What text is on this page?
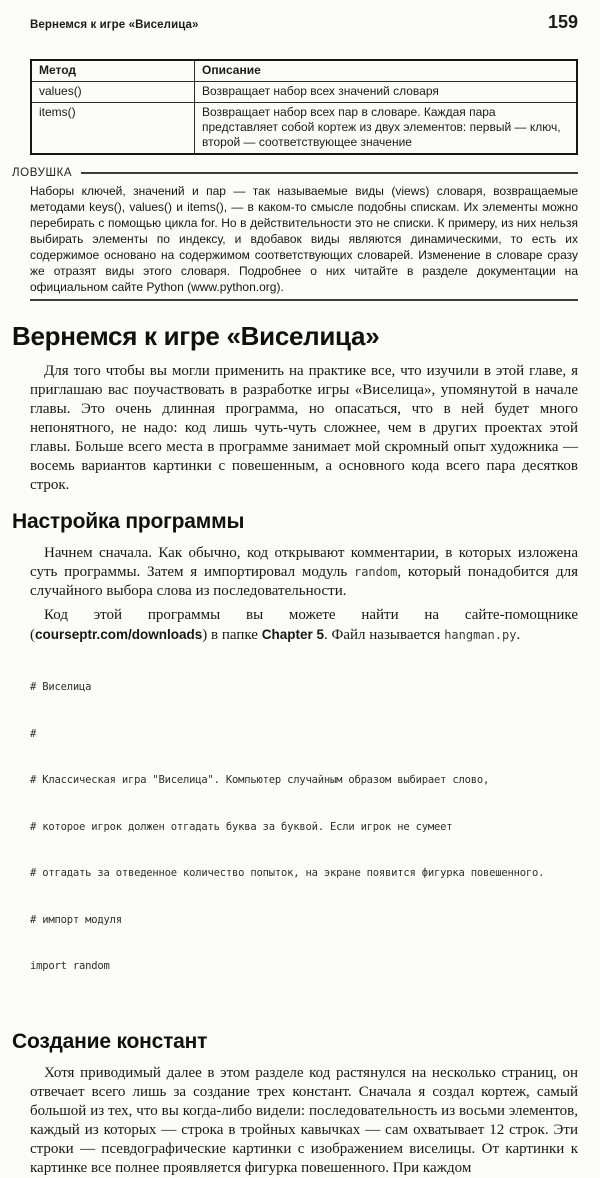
Вернемся к игре «Виселица»	159
Метод	Описание
values()	Возвращает набор всех значений словаря
items()	Возвращает набор всех пар в словаре. Каждая пара представляет собой кортеж из двух элементов: первый — ключ, второй — соответствующее значение
ЛОВУШКА

Наборы ключей, значений и пар — так называемые виды (views) словаря, возвращаемые методами keys(), values() и items(), — в каком-то смысле подобны спискам. Их элементы можно перебирать с помощью цикла for. Но в действительности это не списки. К примеру, из них нельзя выбирать элементы по индексу, и вдобавок виды являются динамическими, то есть их содержимое основано на содержимом соответствующих словарей. Изменение в словаре сразу же отразят виды этого словаря. Подробнее о них читайте в разделе документации на официальном сайте Python (www.python.org).

Вернемся к игре «Виселица»

Для того чтобы вы могли применить на практике все, что изучили в этой главе, я приглашаю вас поучаствовать в разработке игры «Виселица», упомянутой в начале главы. Это очень длинная программа, но опасаться, что в ней будет много непонятного, не надо: код лишь чуть-чуть сложнее, чем в других проектах этой главы. Больше всего места в программе занимает мой скромный опыт художника — восемь вариантов картинки с повешенным, а основного кода всего пара десятков строк.

Настройка программы

Начнем сначала. Как обычно, код открывают комментарии, в которых изложена суть программы. Затем я импортировал модуль random, который понадобится для случайного выбора слова из последовательности.

Код этой программы вы можете найти на сайте-помощнике (courseptr.com/downloads) в папке Chapter 5. Файл называется hangman.py.

# Виселица

#

# Классическая игра "Виселица". Компьютер случайным образом выбирает слово,

# которое игрок должен отгадать буква за буквой. Если игрок не сумеет

# отгадать за отведенное количество попыток, на экране появится фигурка повешенного.

# импорт модуля

import random

Создание констант

Хотя приводимый далее в этом разделе код растянулся на несколько страниц, он отвечает всего лишь за создание трех констант. Сначала я создал кортеж, самый большой из тех, что вы когда-либо видели: последовательность из восьми элементов, каждый из которых — строка в тройных кавычках — сам охватывает 12 строк. Эти строки — псевдографические картинки с изображением виселицы. От картинки к картинке все полнее проявляется фигурка повешенного. При каждом
